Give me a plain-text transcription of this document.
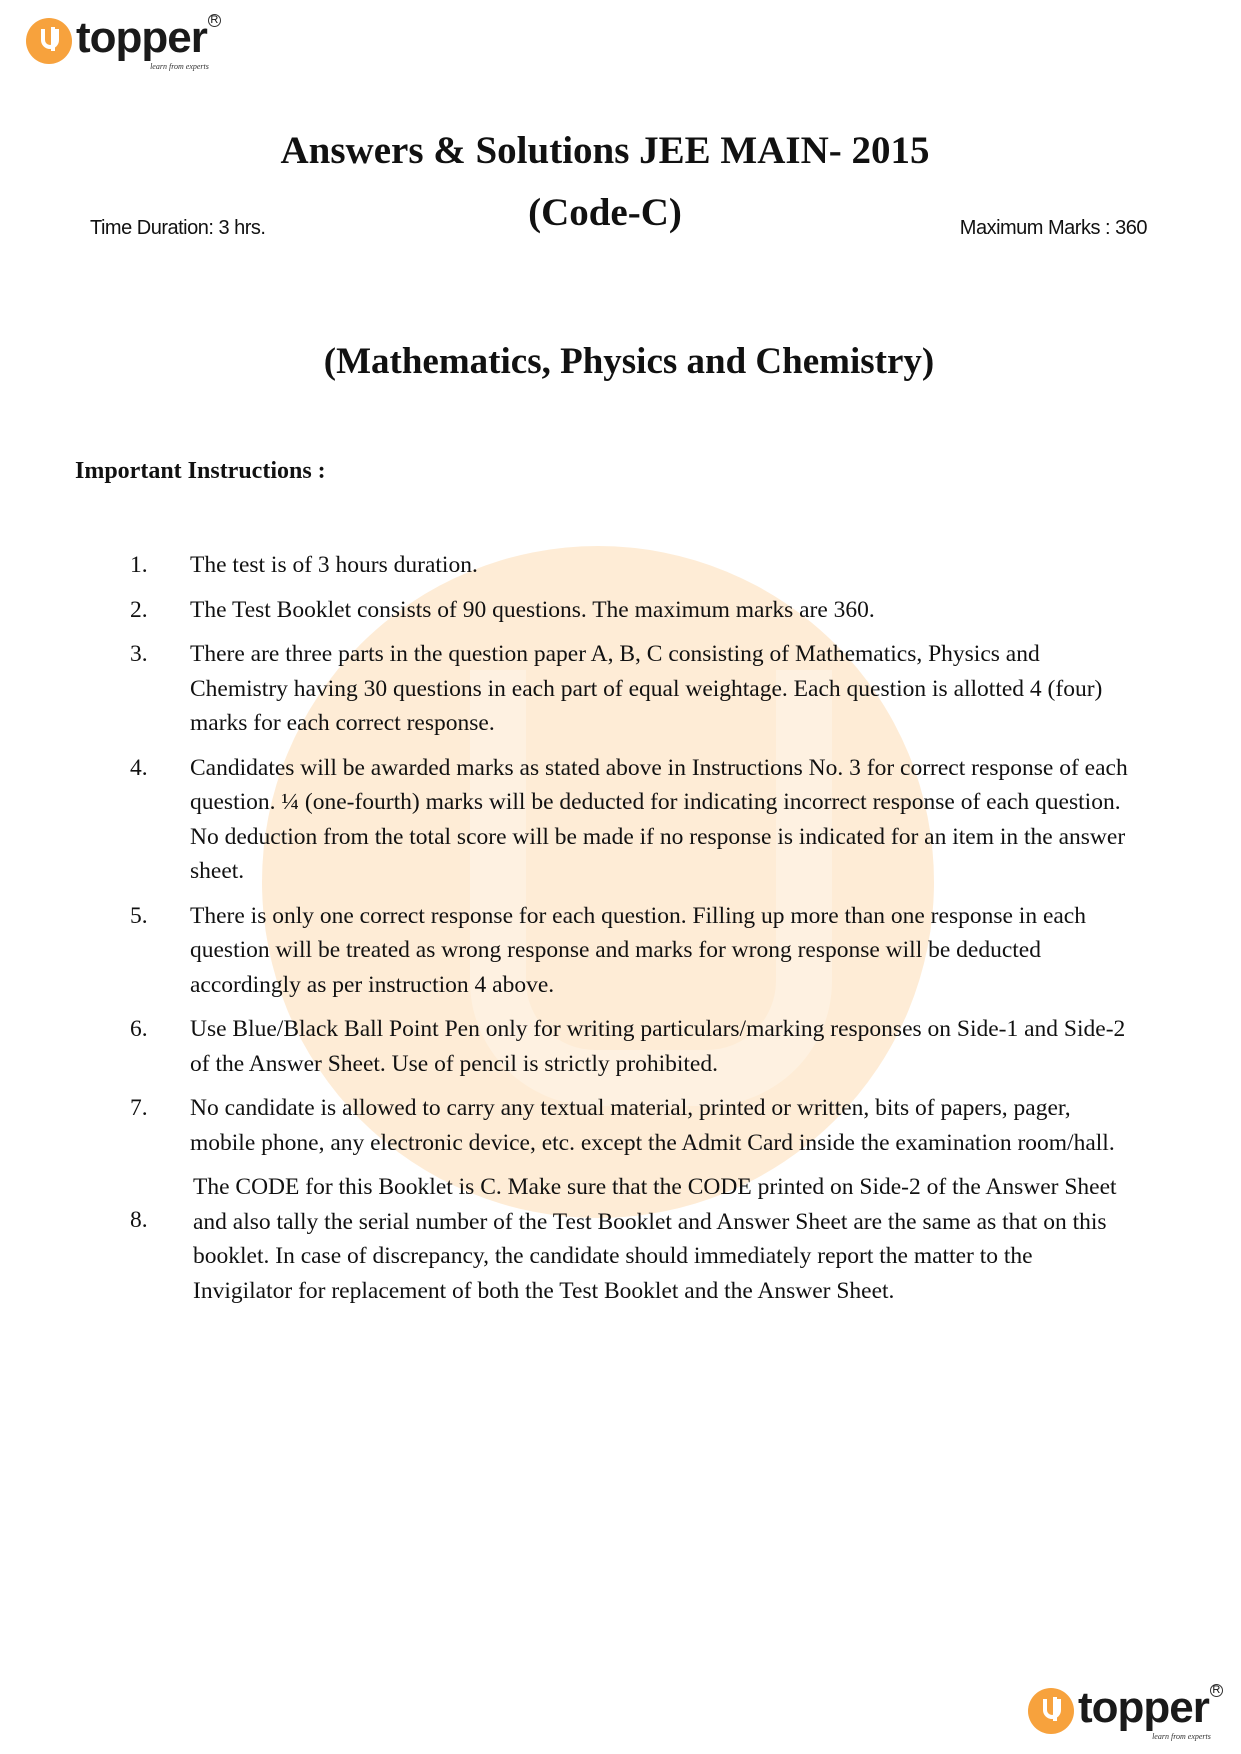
topper R
learn from experts
Answers & Solutions JEE MAIN- 2015
(Code-C)
Time Duration: 3 hrs.	Maximum Marks : 360
(Mathematics, Physics and Chemistry)
Important Instructions :
1.	The test is of 3 hours duration.
2.	The Test Booklet consists of 90 questions. The maximum marks are 360.
3.	There are three parts in the question paper A, B, C consisting of Mathematics, Physics and Chemistry having 30 questions in each part of equal weightage. Each question is allotted 4 (four) marks for each correct response.
4.	Candidates will be awarded marks as stated above in Instructions No. 3 for correct response of each question. ¼ (one-fourth) marks will be deducted for indicating incorrect response of each question. No deduction from the total score will be made if no response is indicated for an item in the answer sheet.
5.	There is only one correct response for each question. Filling up more than one response in each question will be treated as wrong response and marks for wrong response will be deducted accordingly as per instruction 4 above.
6.	Use Blue/Black Ball Point Pen only for writing particulars/marking responses on Side-1 and Side-2 of the Answer Sheet. Use of pencil is strictly prohibited.
7.	No candidate is allowed to carry any textual material, printed or written, bits of papers, pager, mobile phone, any electronic device, etc. except the Admit Card inside the examination room/hall.
8.
The CODE for this Booklet is C. Make sure that the CODE printed on Side-2 of the Answer Sheet and also tally the serial number of the Test Booklet and Answer Sheet are the same as that on this booklet. In case of discrepancy, the candidate should immediately report the matter to the Invigilator for replacement of both the Test Booklet and the Answer Sheet.
topper R
learn from experts
